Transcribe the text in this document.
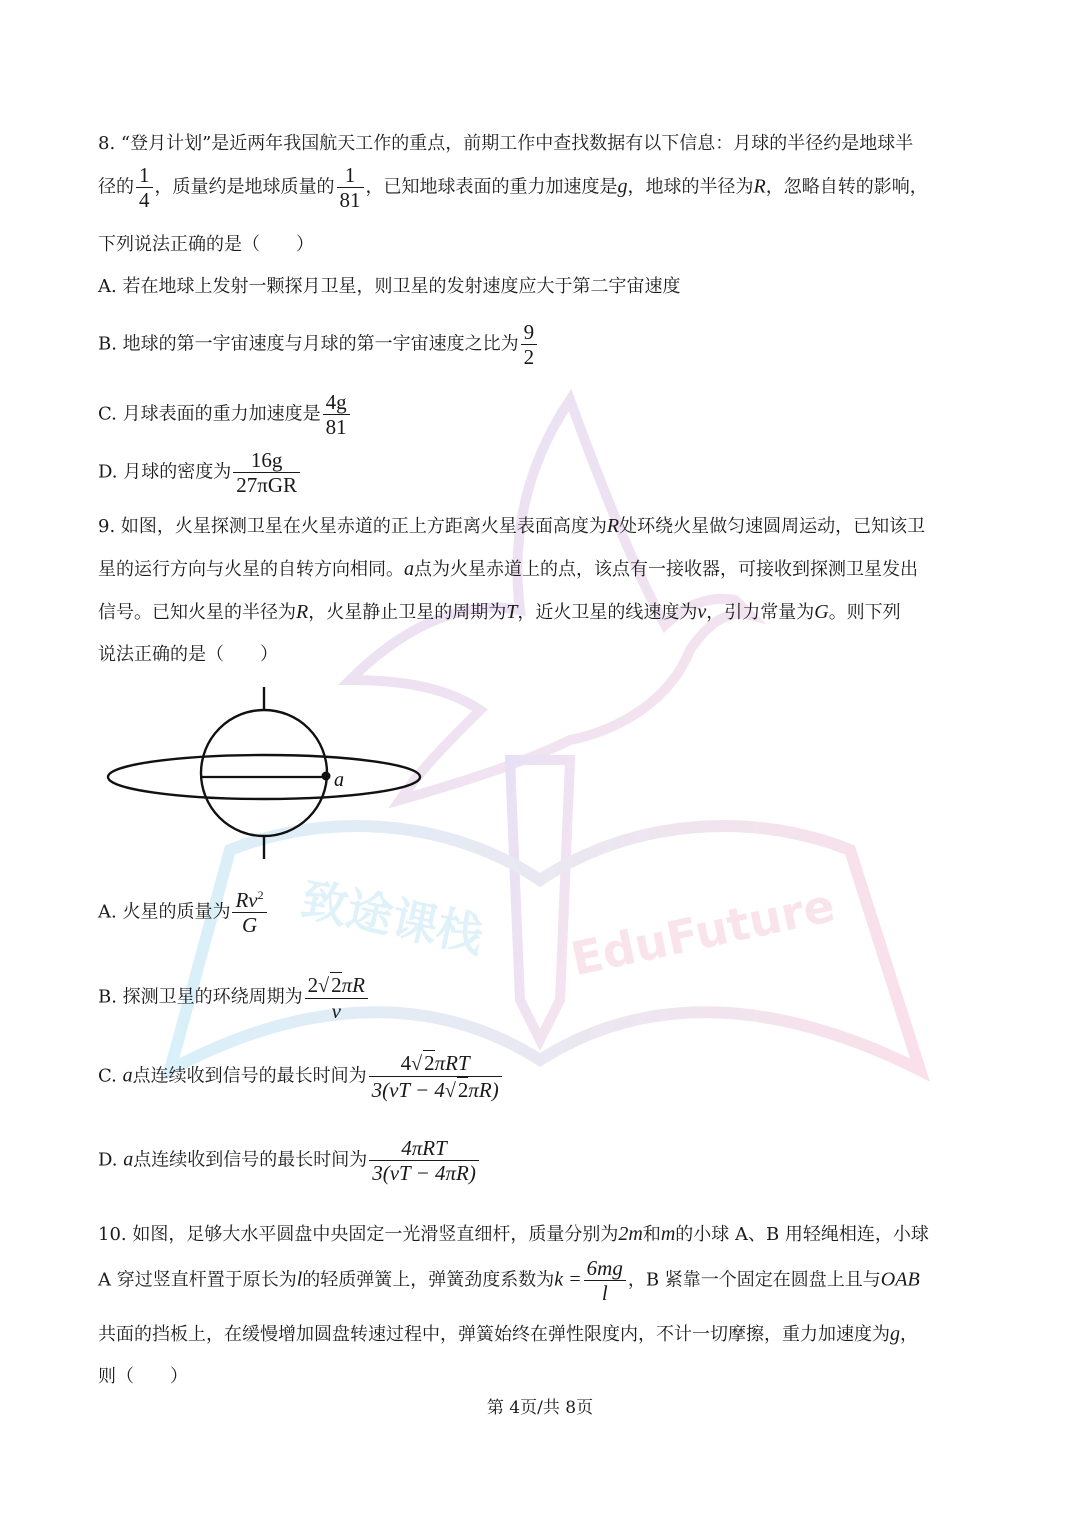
致途课栈 EduFuture
8. “登月计划”是近两年我国航天工作的重点，前期工作中查找数据有以下信息：月球的半径约是地球半
径的 $\frac{1}{4}$ ，质量约是地球质量的 $\frac{1}{81}$ ，已知地球表面的重力加速度是g，地球的半径为R，忽略自转的影响，
下列说法正确的是（　　）
A. 若在地球上发射一颗探月卫星，则卫星的发射速度应大于第二宇宙速度
B. 地球的第一宇宙速度与月球的第一宇宙速度之比为 $\frac{9}{2}$
C. 月球表面的重力加速度是 $\frac{4g}{81}$
D. 月球的密度为 $\frac{16g}{\text{27πGR}}$
9. 如图，火星探测卫星在火星赤道的正上方距离火星表面高度为R处环绕火星做匀速圆周运动，已知该卫
星的运行方向与火星的自转方向相同。a点为火星赤道上的点，该点有一接收器，可接收到探测卫星发出
信号。已知火星的半径为R，火星静止卫星的周期为T，近火卫星的线速度为v，引力常量为G。则下列
说法正确的是（　　）
A. 火星的质量为 $\frac{Rv^2}{G}$
B. 探测卫星的环绕周期为 $\frac{2√2\pi R}{v}$
C. a点连续收到信号的最长时间为 $\frac{\text{4√2πRT}}{3(vT - 4√2\pi R)}$
D. a点连续收到信号的最长时间为 $\frac{\text{4πRT}}{3(vT - 4\pi R)}$
10. 如图，足够大水平圆盘中央固定一光滑竖直细杆，质量分别为2m和m的小球 A、B 用轻绳相连，小球
A 穿过竖直杆置于原长为l的轻质弹簧上，弹簧劲度系数为$k = \frac{6mg}{l}$ ，B 紧靠一个固定在圆盘上且与OAB
共面的挡板上，在缓慢增加圆盘转速过程中，弹簧始终在弹性限度内，不计一切摩擦，重力加速度为g，
则（　　）
a
第 4页/共 8页
